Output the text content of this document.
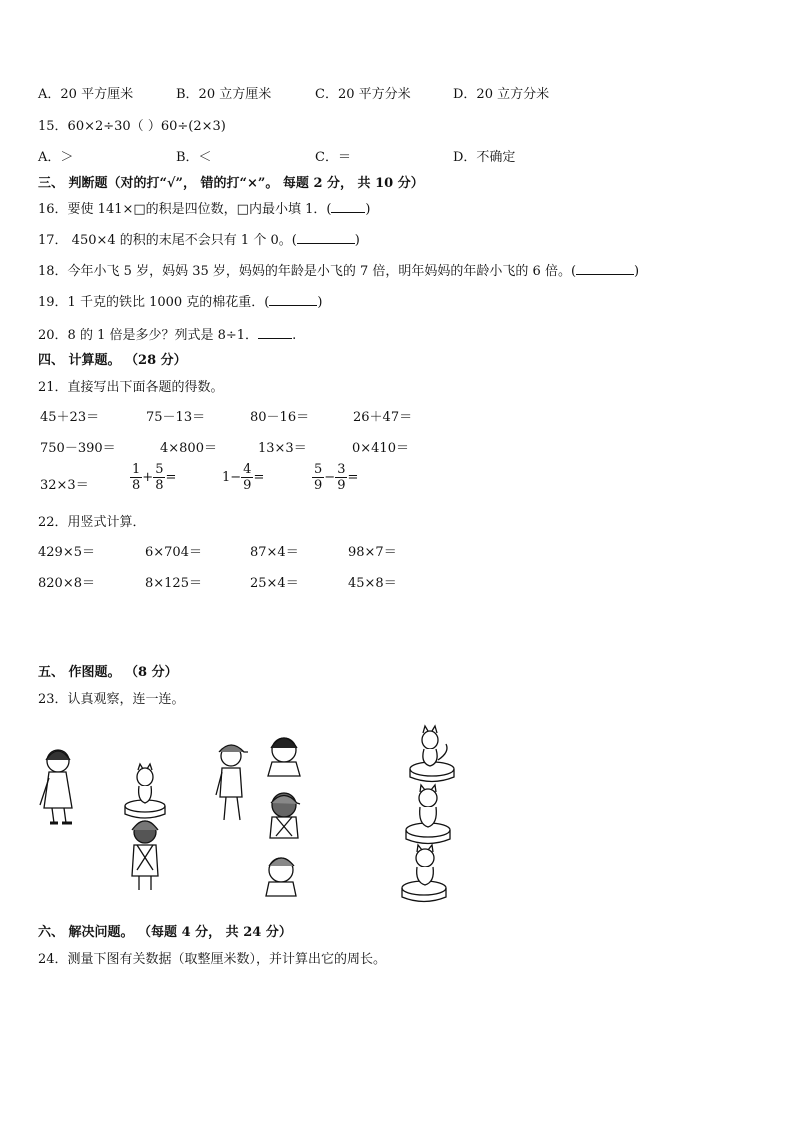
A．20 平方厘米	B．20 立方厘米	C．20 平方分米	D．20 立方分米
15．60×2÷30（ ）60÷(2×3)
A．＞	B．＜	C．＝	D．不确定
三、 判断题（对的打“√”， 错的打“×”。 每题 2 分， 共 10 分）
16．要使 141×□的积是四位数，□内最小填 1．(	)
17． 450×4 的积的末尾不会只有 1 个 0。(	)
18．今年小飞 5 岁，妈妈 35 岁，妈妈的年龄是小飞的 7 倍，明年妈妈的年龄小飞的 6 倍。(	)
19．1 千克的铁比 1000 克的棉花重．(	)
20．8 的 1 倍是多少？列式是 8÷1．	.
四、 计算题。 （28 分）
21．直接写出下面各题的得数。
45＋23＝	75－13＝	80－16＝	26＋47＝
750－390＝	4×800＝	13×3＝	0×410＝
32×3＝	$\frac{1}{8} + \frac{5}{8}$ =	$1- \frac{4}{9}$ =	$\frac{5}{9} - \frac{3}{9}$ =
22．用竖式计算．
429×5＝	6×704＝	87×4＝	98×7＝
820×8＝	8×125＝	25×4＝	45×8＝
五、 作图题。 （8 分）
23．认真观察，连一连。
六、 解决问题。 （每题 4 分， 共 24 分）
24．测量下图有关数据（取整厘米数），并计算出它的周长。
